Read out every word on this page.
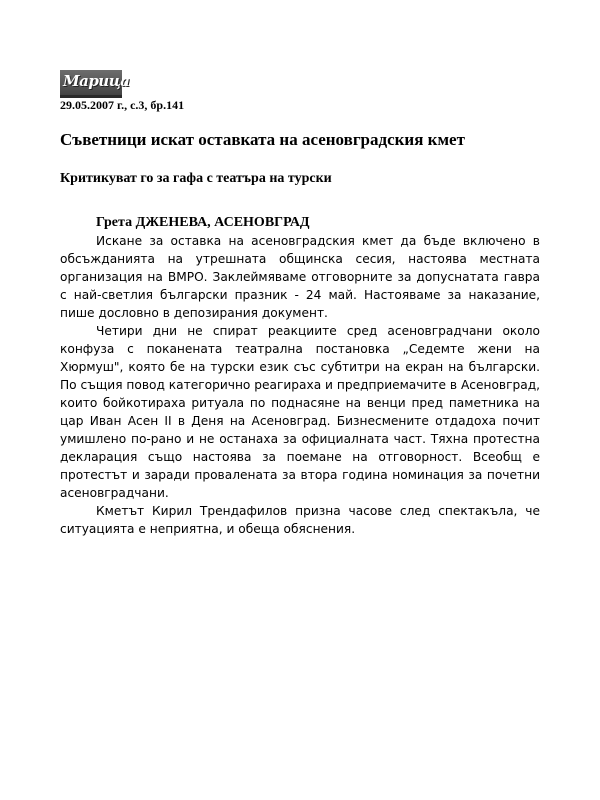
Марица
29.05.2007 г., с.3, бр.141
Съветници искат оставката на асеновградския кмет
Критикуват го за гафа с театъра на турски
Грета ДЖЕНЕВА, АСЕНОВГРАД

Искане за оставка на асеновградския кмет да бъде включено в обсъжданията на утрешната общинска сесия, настоява местната организация на ВМРО. Заклеймяваме отговорните за допуснатата гавра с най-светлия български празник - 24 май. Настояваме за наказание, пише дословно в депозирания документ.

Четири дни не спират реакциите сред асеновградчани около конфуза с поканената театрална постановка „Седемте жени на Хюрмуш", която бе на турски език със субтитри на екран на български. По същия повод категорично реагираха и предприемачите в Асеновград, които бойкотираха ритуала по поднасяне на венци пред паметника на цар Иван Асен II в Деня на Асеновград. Бизнесмените отдадоха почит умишлено по-рано и не останаха за официалната част. Тяхна протестна декларация също настоява за поемане на отговорност. Всеобщ е протестът и заради провалената за втора година номинация за почетни асеновградчани.

Кметът Кирил Трендафилов призна часове след спектакъла, че ситуацията е неприятна, и обеща обяснения.
